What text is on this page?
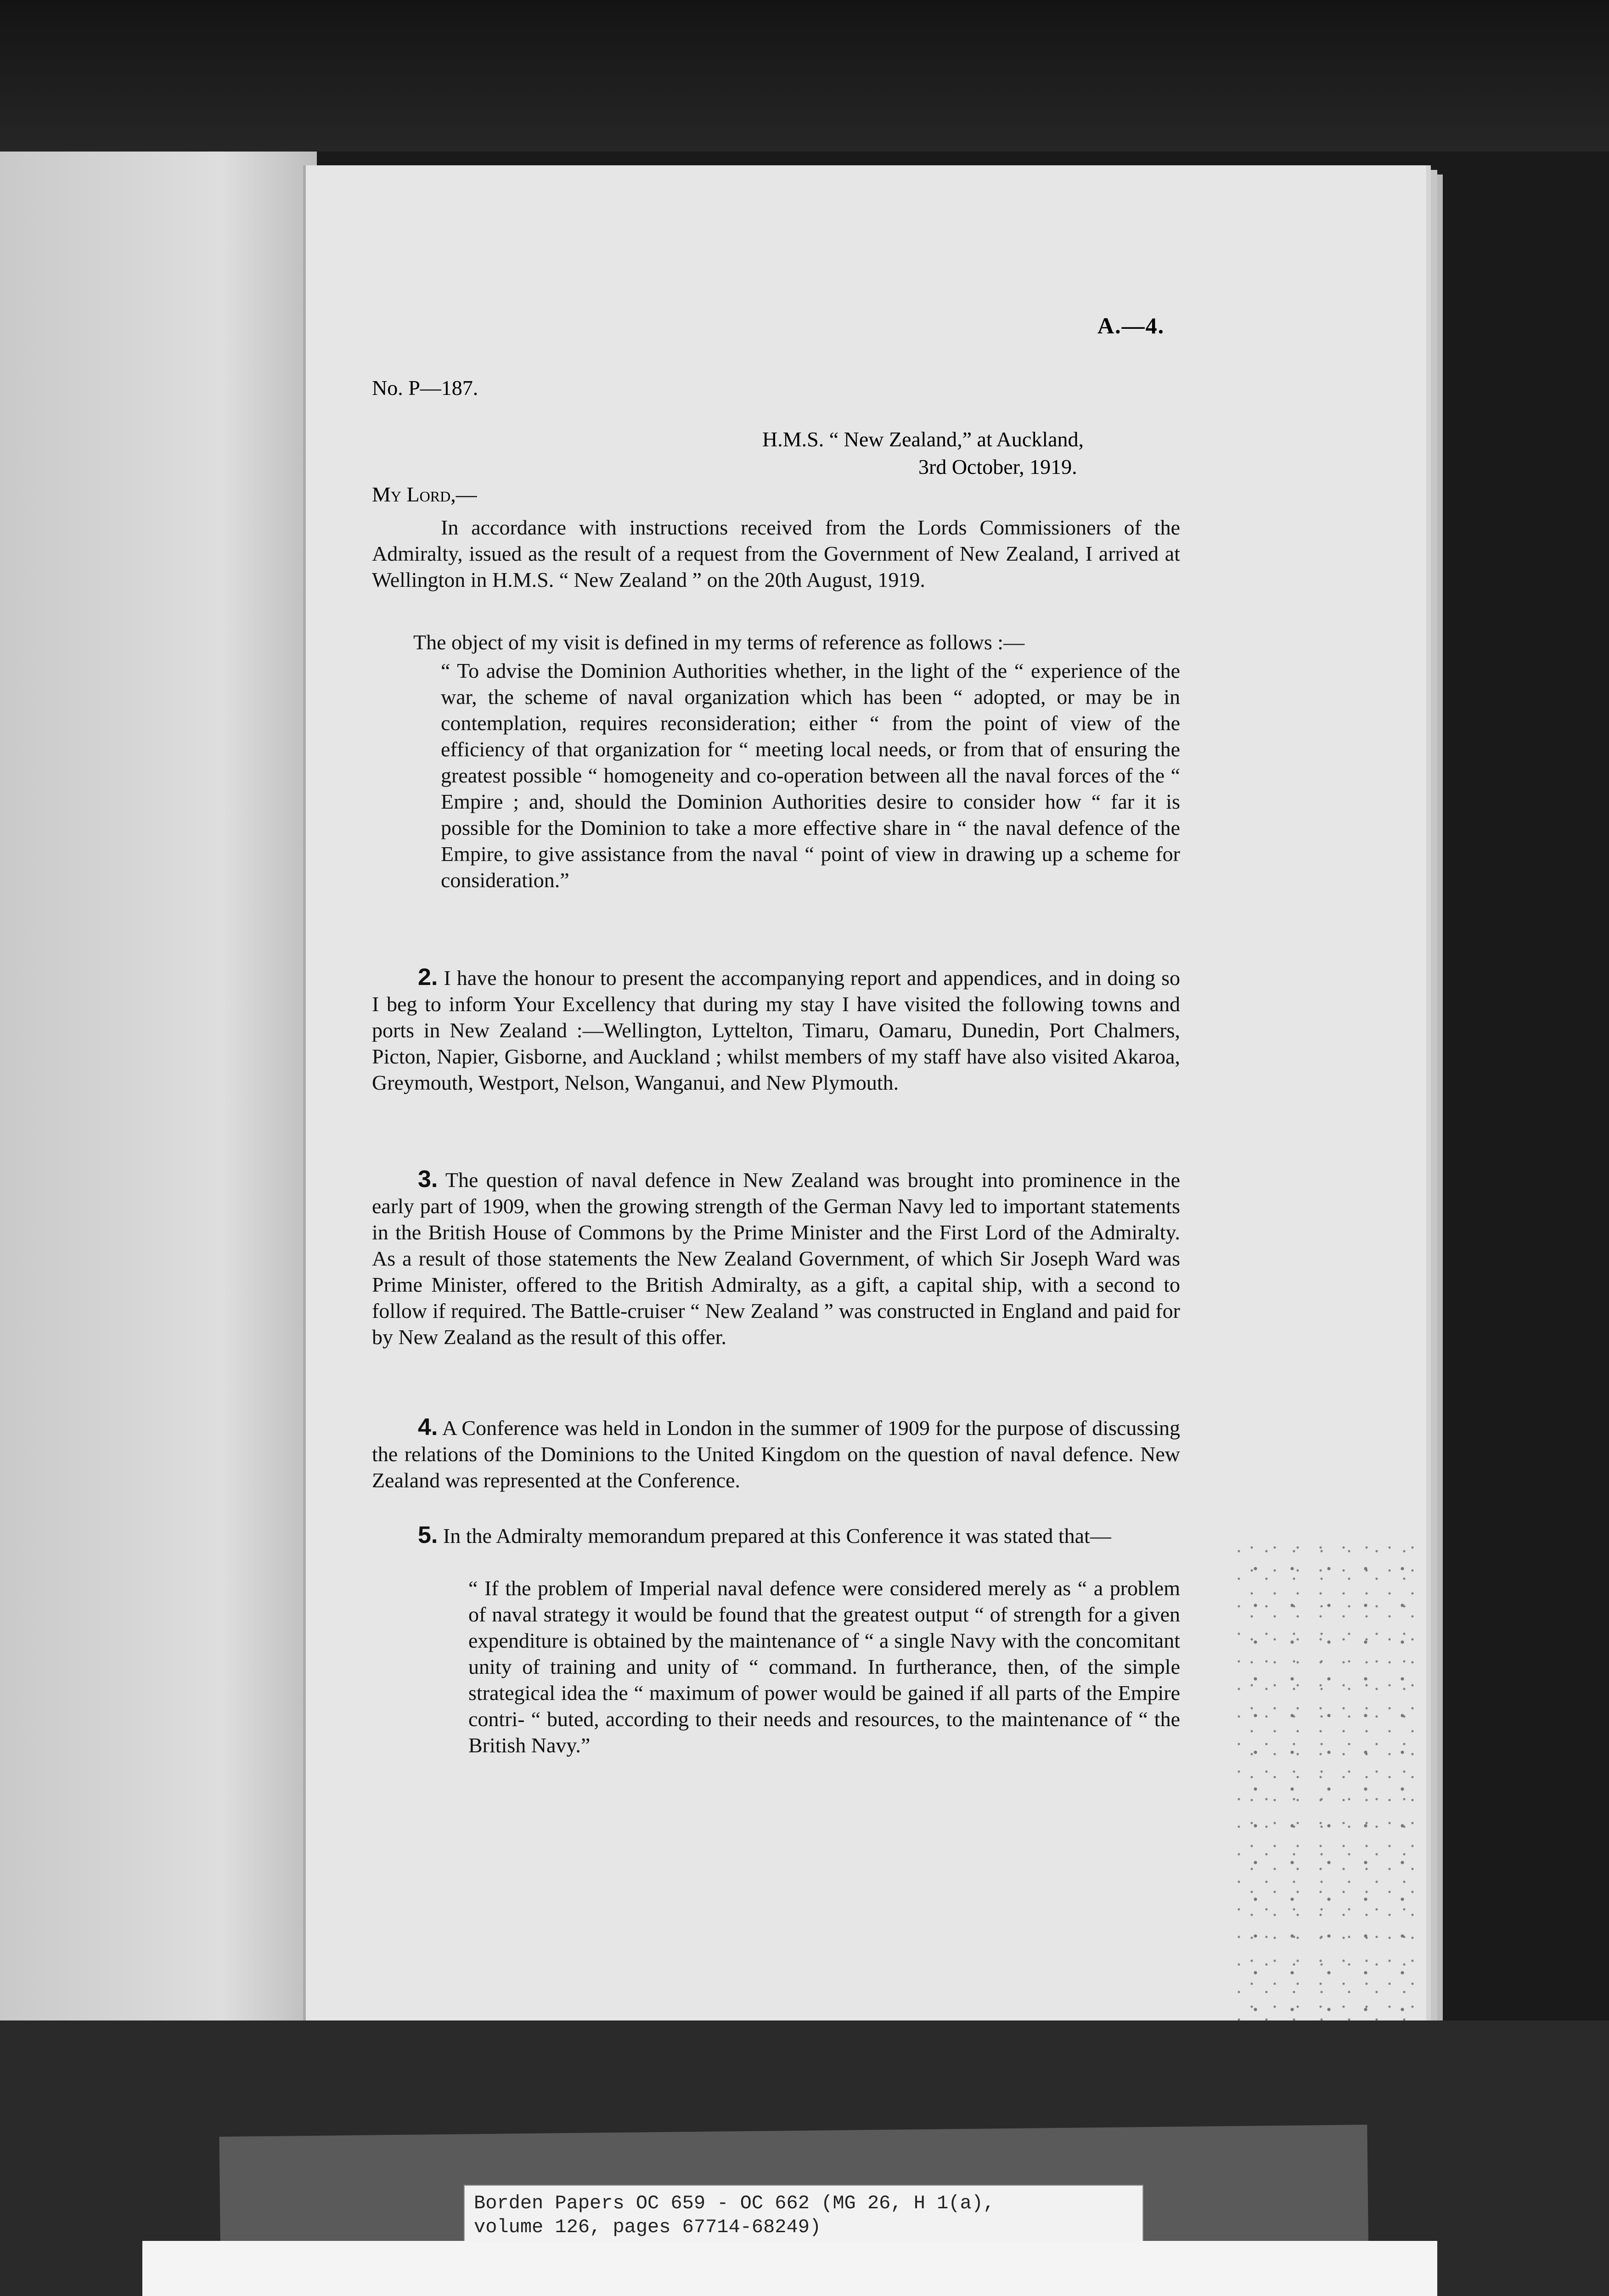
A.—4.
No. P—187.
H.M.S. “ New Zealand,” at Auckland,
3rd October, 1919.
My Lord,—

In accordance with instructions received from the Lords Commissioners of the Admiralty, issued as the result of a request from the Government of New Zealand, I arrived at Wellington in H.M.S. “ New Zealand ” on the 20th August, 1919.

The object of my visit is defined in my terms of reference as follows :—

“ To advise the Dominion Authorities whether, in the light of the “ experience of the war, the scheme of naval organization which has been “ adopted, or may be in contemplation, requires reconsideration; either “ from the point of view of the efficiency of that organization for “ meeting local needs, or from that of ensuring the greatest possible “ homogeneity and co-operation between all the naval forces of the “ Empire ; and, should the Dominion Authorities desire to consider how “ far it is possible for the Dominion to take a more effective share in “ the naval defence of the Empire, to give assistance from the naval “ point of view in drawing up a scheme for consideration.”

2. I have the honour to present the accompanying report and appendices, and in doing so I beg to inform Your Excellency that during my stay I have visited the following towns and ports in New Zealand :—Wellington, Lyttelton, Timaru, Oamaru, Dunedin, Port Chalmers, Picton, Napier, Gisborne, and Auckland ; whilst members of my staff have also visited Akaroa, Greymouth, Westport, Nelson, Wanganui, and New Plymouth.

3. The question of naval defence in New Zealand was brought into prominence in the early part of 1909, when the growing strength of the German Navy led to important statements in the British House of Commons by the Prime Minister and the First Lord of the Admiralty. As a result of those statements the New Zealand Government, of which Sir Joseph Ward was Prime Minister, offered to the British Admiralty, as a gift, a capital ship, with a second to follow if required. The Battle-cruiser “ New Zealand ” was constructed in England and paid for by New Zealand as the result of this offer.

4. A Conference was held in London in the summer of 1909 for the purpose of discussing the relations of the Dominions to the United Kingdom on the question of naval defence. New Zealand was represented at the Conference.

5. In the Admiralty memorandum prepared at this Conference it was stated that—

“ If the problem of Imperial naval defence were considered merely as “ a problem of naval strategy it would be found that the greatest output “ of strength for a given expenditure is obtained by the maintenance of “ a single Navy with the concomitant unity of training and unity of “ command. In furtherance, then, of the simple strategical idea the “ maximum of power would be gained if all parts of the Empire contri- “ buted, according to their needs and resources, to the maintenance of “ the British Navy.”

Borden Papers OC 659 - OC 662 (MG 26, H 1(a),
volume 126, pages 67714-68249)
